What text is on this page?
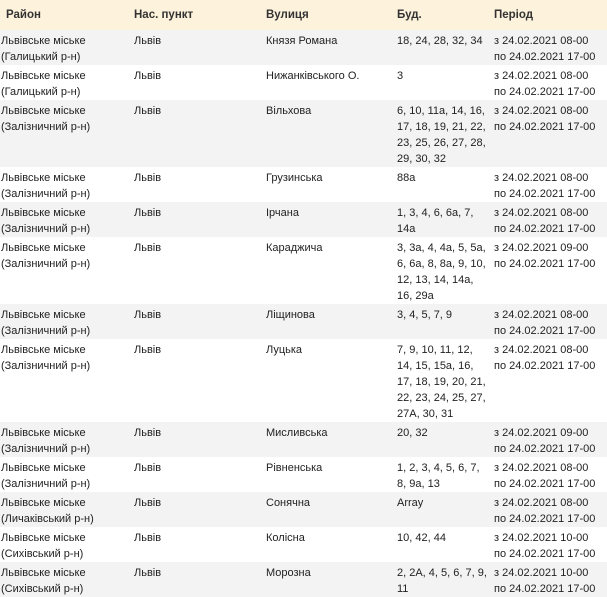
Район	Нас. пункт	Вулиця	Буд.	Період
Львівське міське (Галицький р-н)	Львів	Князя Романа	18, 24, 28, 32, 34	з 24.02.2021 08-00
по 24.02.2021 17-00

Львівське міське (Галицький р-н)	Львів	Нижанківського О.	3	з 24.02.2021 08-00
по 24.02.2021 17-00

Львівське міське (Залізничний р-н)	Львів	Вільхова	6, 10, 11а, 14, 16, 17, 18, 19, 21, 22, 23, 25, 26, 27, 28, 29, 30, 32	з 24.02.2021 08-00
по 24.02.2021 17-00

Львівське міське (Залізничний р-н)	Львів	Грузинська	88а	з 24.02.2021 08-00
по 24.02.2021 17-00

Львівське міське (Залізничний р-н)	Львів	Ірчана	1, 3, 4, 6, 6а, 7, 14а	з 24.02.2021 08-00
по 24.02.2021 17-00

Львівське міське (Залізничний р-н)	Львів	Караджича	3, 3а, 4, 4а, 5, 5а, 6, 6а, 8, 8а, 9, 10, 12, 13, 14, 14а, 16, 29а	з 24.02.2021 09-00
по 24.02.2021 17-00

Львівське міське (Залізничний р-н)	Львів	Ліщинова	3, 4, 5, 7, 9	з 24.02.2021 08-00
по 24.02.2021 17-00

Львівське міське (Залізничний р-н)	Львів	Луцька	7, 9, 10, 11, 12, 14, 15, 15а, 16, 17, 18, 19, 20, 21, 22, 23, 24, 25, 27, 27А, 30, 31	з 24.02.2021 08-00
по 24.02.2021 17-00

Львівське міське (Залізничний р-н)	Львів	Мисливська	20, 32	з 24.02.2021 09-00
по 24.02.2021 17-00

Львівське міське (Залізничний р-н)	Львів	Рівненська	1, 2, 3, 4, 5, 6, 7, 8, 9а, 13	з 24.02.2021 08-00
по 24.02.2021 17-00

Львівське міське (Личаківський р-н)	Львів	Сонячна	Array	з 24.02.2021 08-00
по 24.02.2021 17-00

Львівське міське (Сихівський р-н)	Львів	Колісна	10, 42, 44	з 24.02.2021 10-00
по 24.02.2021 17-00

Львівське міське (Сихівський р-н)	Львів	Морозна	2, 2А, 4, 5, 6, 7, 9, 11	з 24.02.2021 10-00
по 24.02.2021 17-00
